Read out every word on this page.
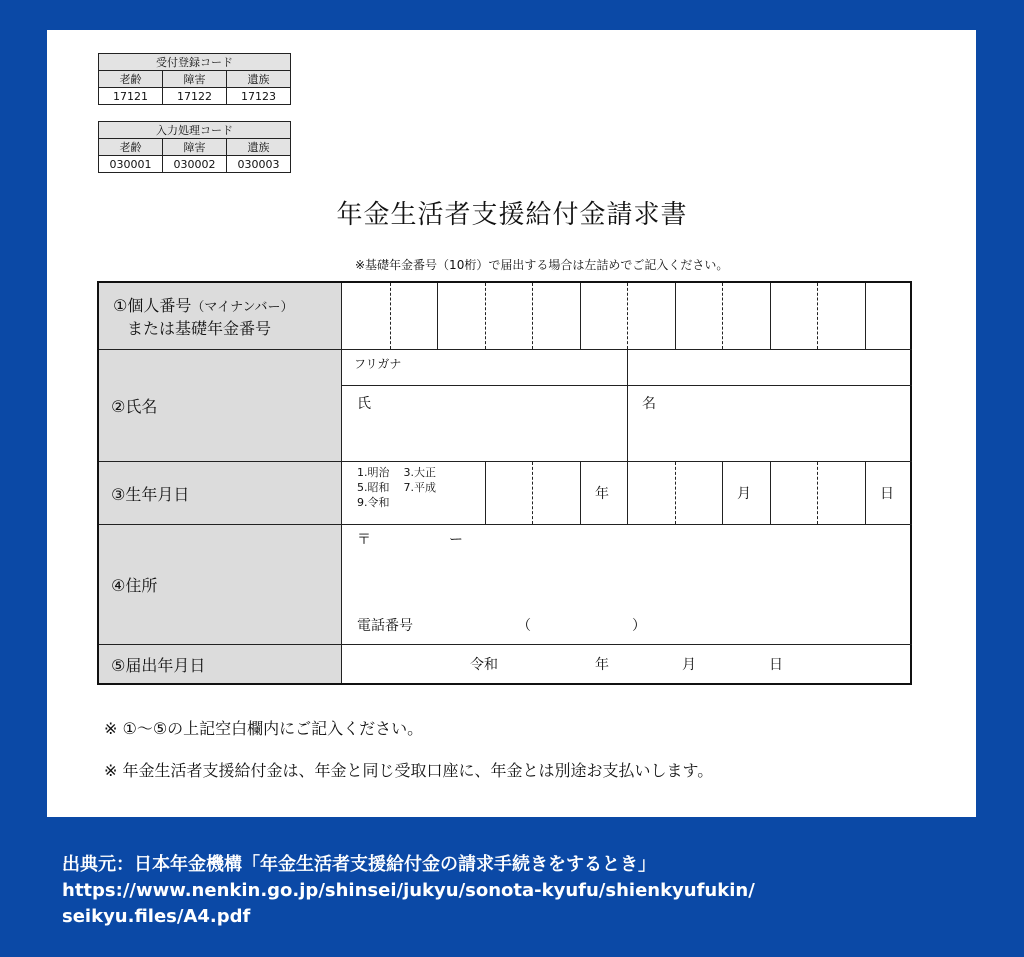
受付登録コード		
老齢	障害	遺族
17121	17122	17123
入力処理コード		
老齢	障害	遺族
030001	030002	030003
年金生活者支援給付金請求書
※基礎年金番号（10桁）で届出する場合は左詰めでご記入ください。
①個人番号（マイナンバー）
または基礎年金番号
②氏名
フリガナ
氏	名
③生年月日
1.明治 3.大正
5.昭和 7.平成
9.令和
年	月	日
④住所
〒	ー
電話番号	（	）
⑤届出年月日	令和	年	月	日
※ ①〜⑤の上記空白欄内にご記入ください。
※ 年金生活者支援給付金は、年金と同じ受取口座に、年金とは別途お支払いします。
出典元：日本年金機構「年金生活者支援給付金の請求手続きをするとき」
https://www.nenkin.go.jp/shinsei/jukyu/sonota-kyufu/shienkyufukin/
seikyu.files/A4.pdf
